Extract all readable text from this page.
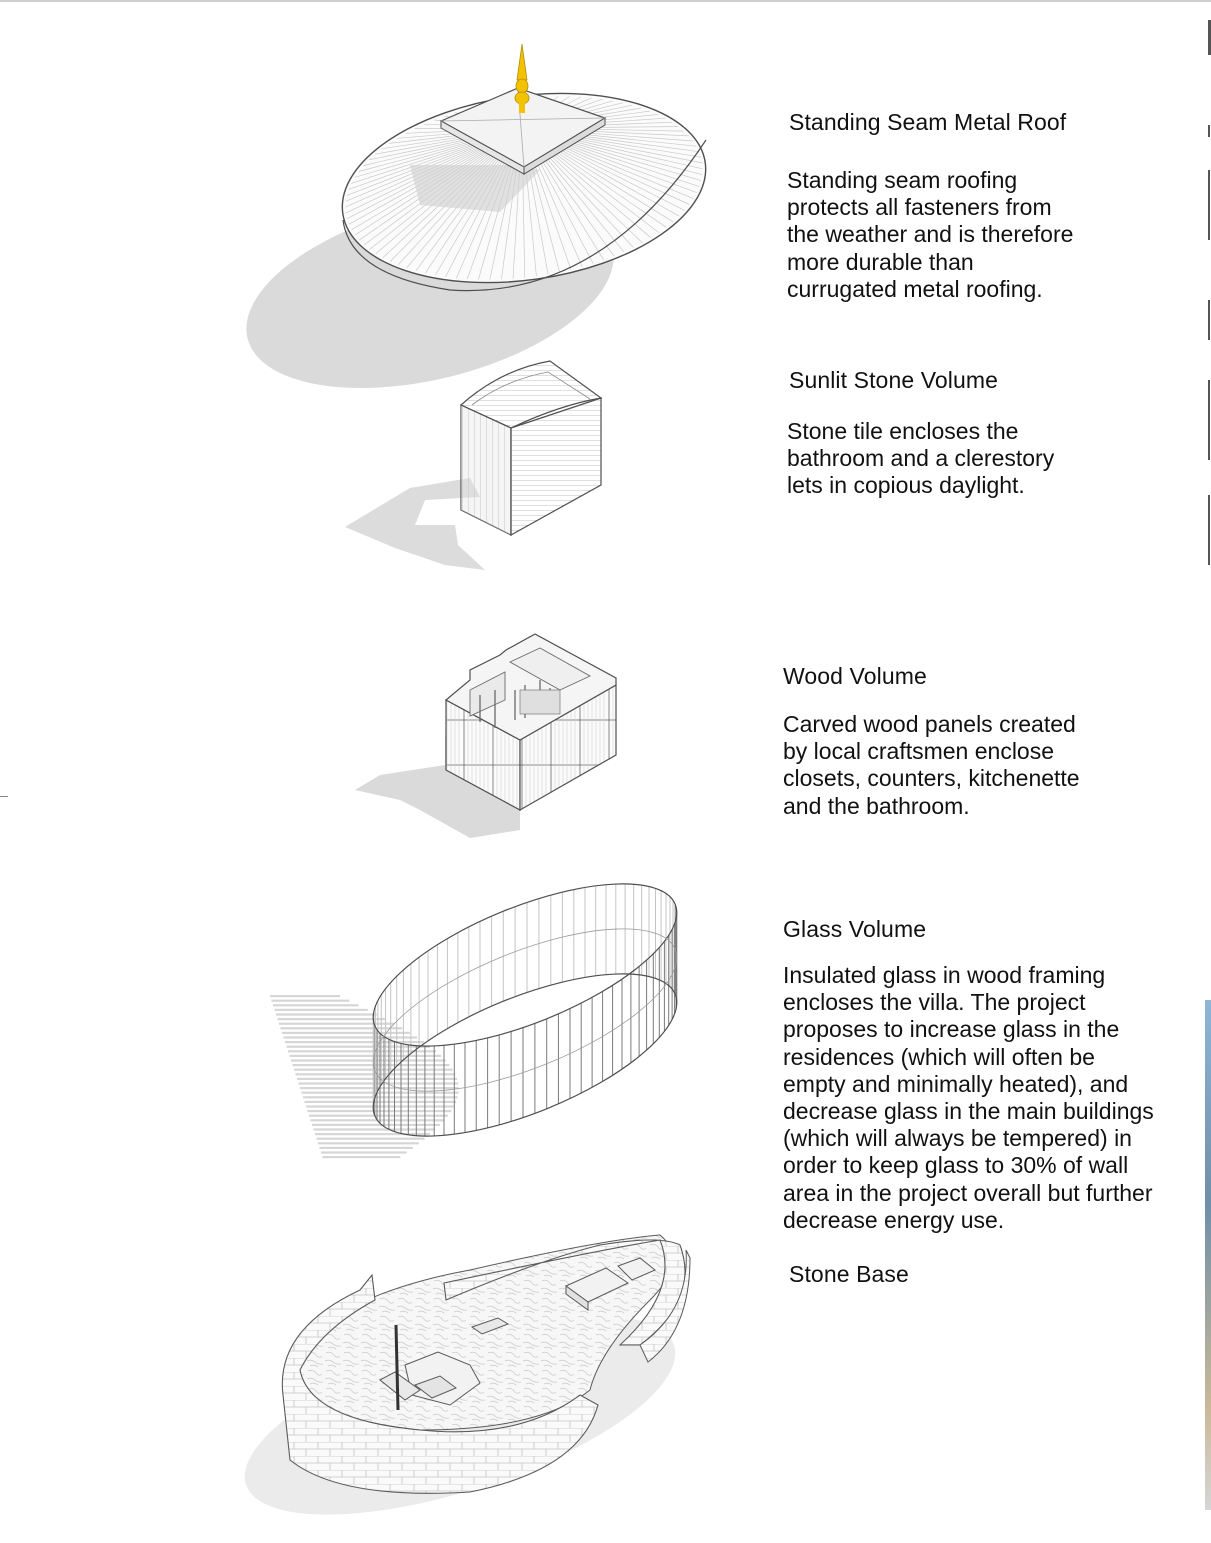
Standing Seam Metal Roof
Standing seam roofing
protects all fasteners from
the weather and is therefore
more durable than
currugated metal roofing.
Sunlit Stone Volume
Stone tile encloses the
bathroom and a clerestory
lets in copious daylight.
Wood Volume
Carved wood panels created
by local craftsmen enclose
closets, counters, kitchenette
and the bathroom.
Glass Volume
Insulated glass in wood framing
encloses the villa. The project
proposes to increase glass in the
residences (which will often be
empty and minimally heated), and
decrease glass in the main buildings
(which will always be tempered) in
order to keep glass to 30% of wall
area in the project overall but further
decrease energy use.
Stone Base
